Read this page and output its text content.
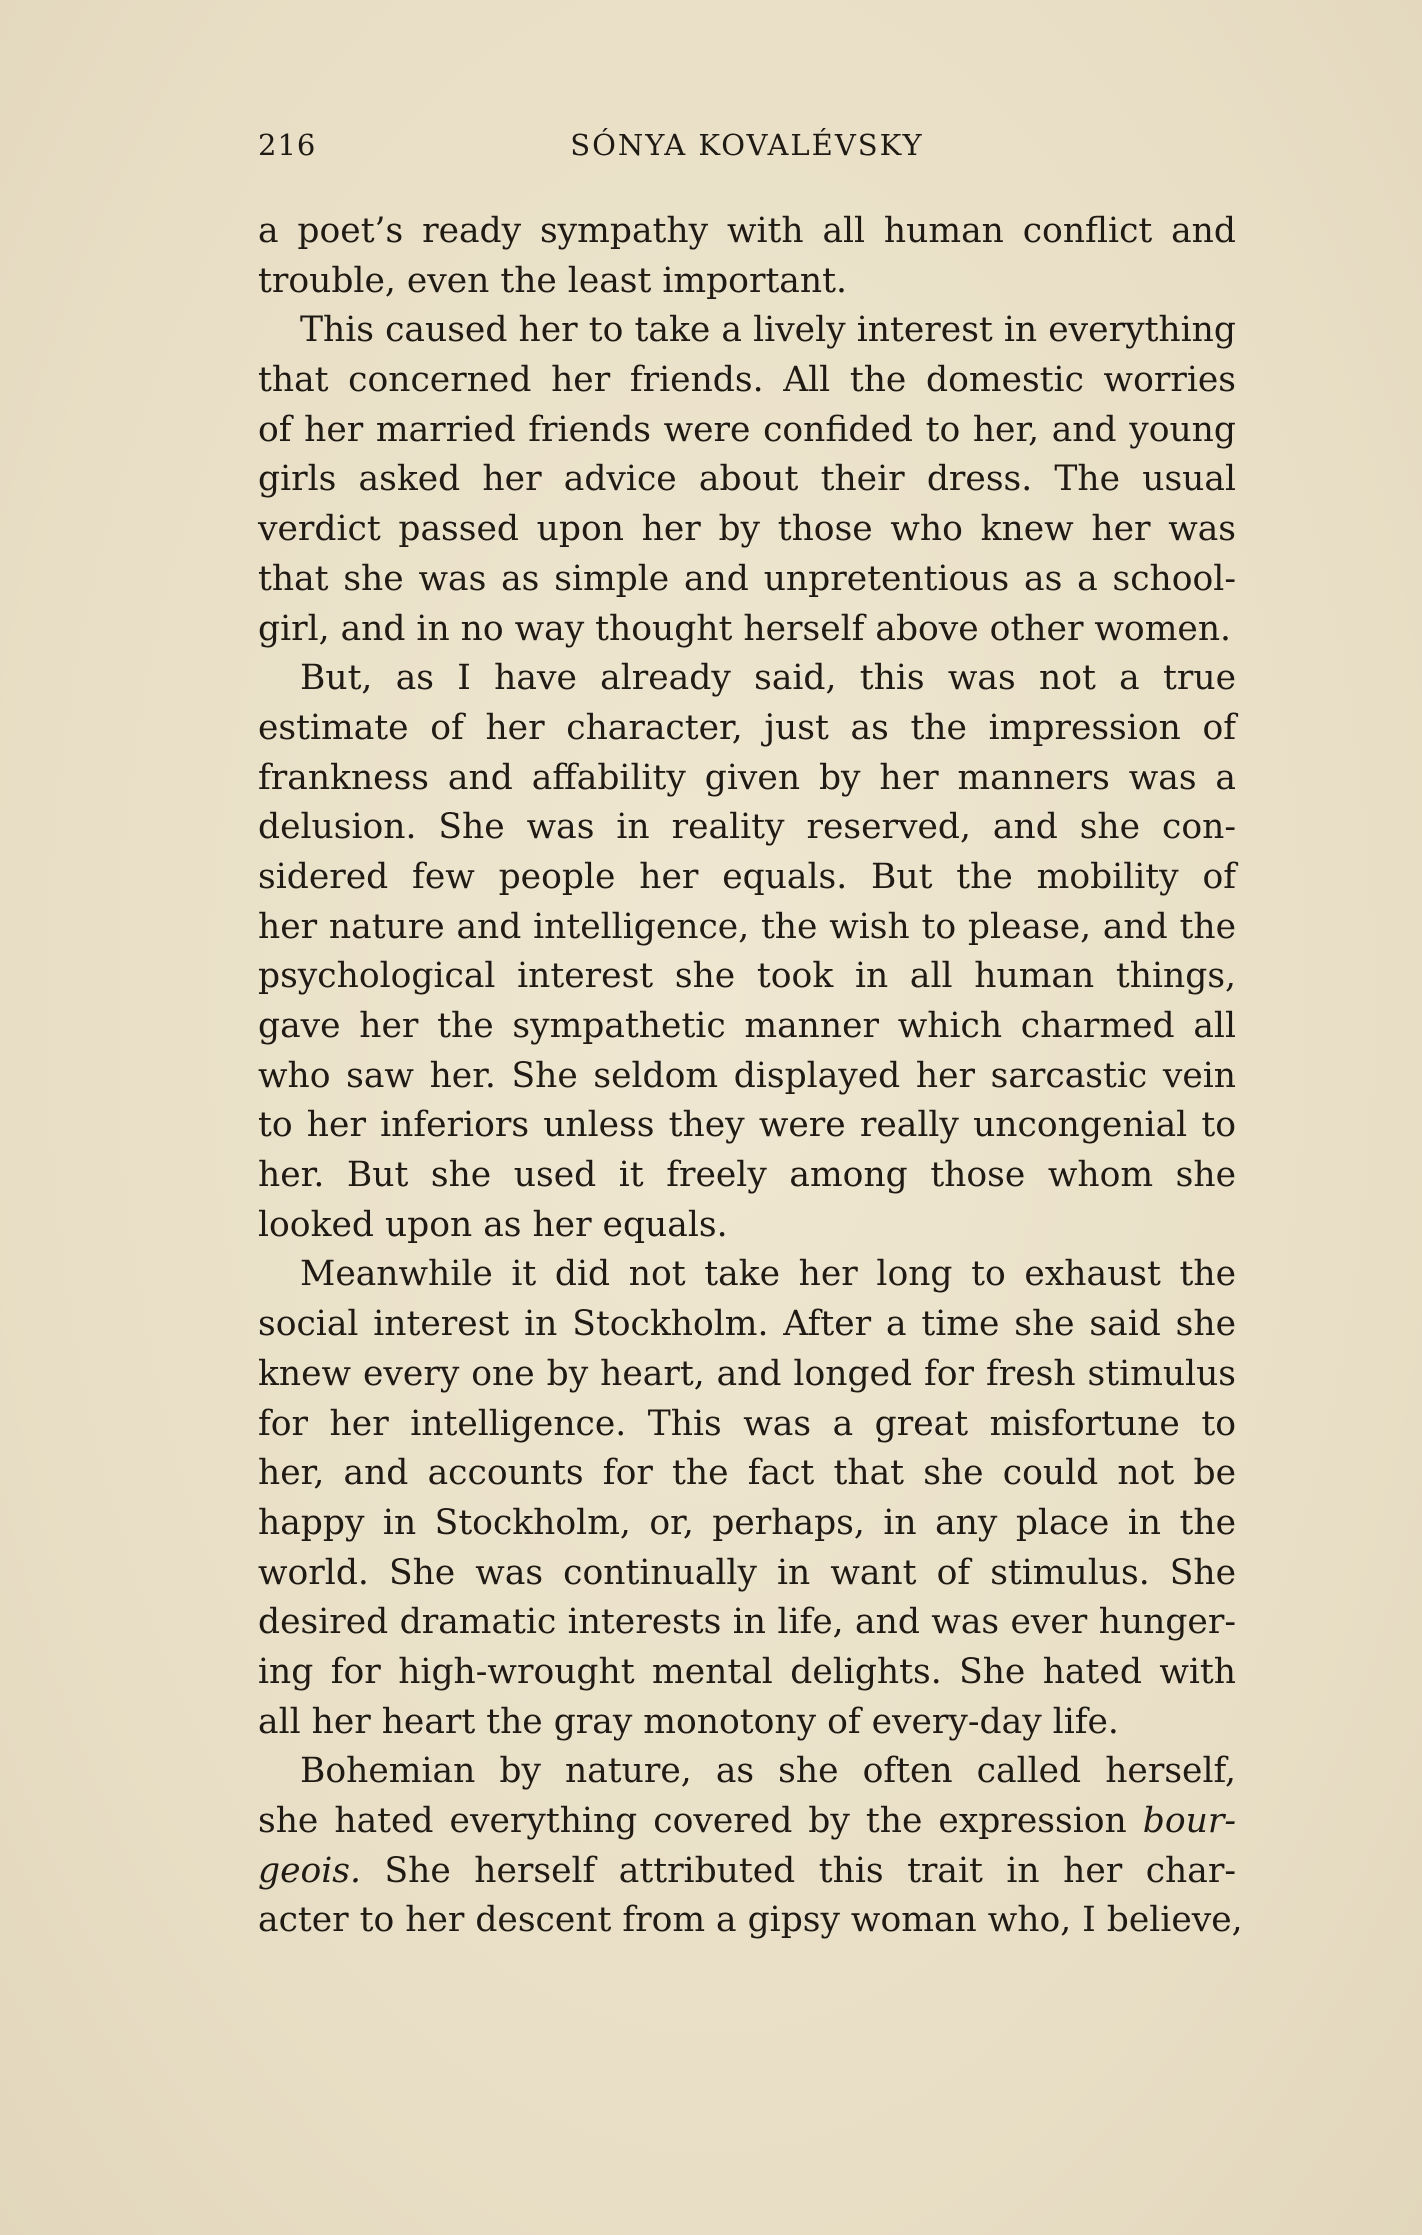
216	SÓNYA KOVALÉVSKY
a poet’s ready sympathy with all human conflict and
trouble, even the least important.
This caused her to take a lively interest in everything
that concerned her friends. All the domestic worries
of her married friends were confided to her, and young
girls asked her advice about their dress. The usual
verdict passed upon her by those who knew her was
that she was as simple and unpretentious as a school-
girl, and in no way thought herself above other women.
But, as I have already said, this was not a true
estimate of her character, just as the impression of
frankness and affability given by her manners was a
delusion. She was in reality reserved, and she con-
sidered few people her equals. But the mobility of
her nature and intelligence, the wish to please, and the
psychological interest she took in all human things,
gave her the sympathetic manner which charmed all
who saw her. She seldom displayed her sarcastic vein
to her inferiors unless they were really uncongenial to
her. But she used it freely among those whom she
looked upon as her equals.
Meanwhile it did not take her long to exhaust the
social interest in Stockholm. After a time she said she
knew every one by heart, and longed for fresh stimulus
for her intelligence. This was a great misfortune to
her, and accounts for the fact that she could not be
happy in Stockholm, or, perhaps, in any place in the
world. She was continually in want of stimulus. She
desired dramatic interests in life, and was ever hunger-
ing for high-wrought mental delights. She hated with
all her heart the gray monotony of every-day life.
Bohemian by nature, as she often called herself,
she hated everything covered by the expression bour-
geois. She herself attributed this trait in her char-
acter to her descent from a gipsy woman who, I believe,
